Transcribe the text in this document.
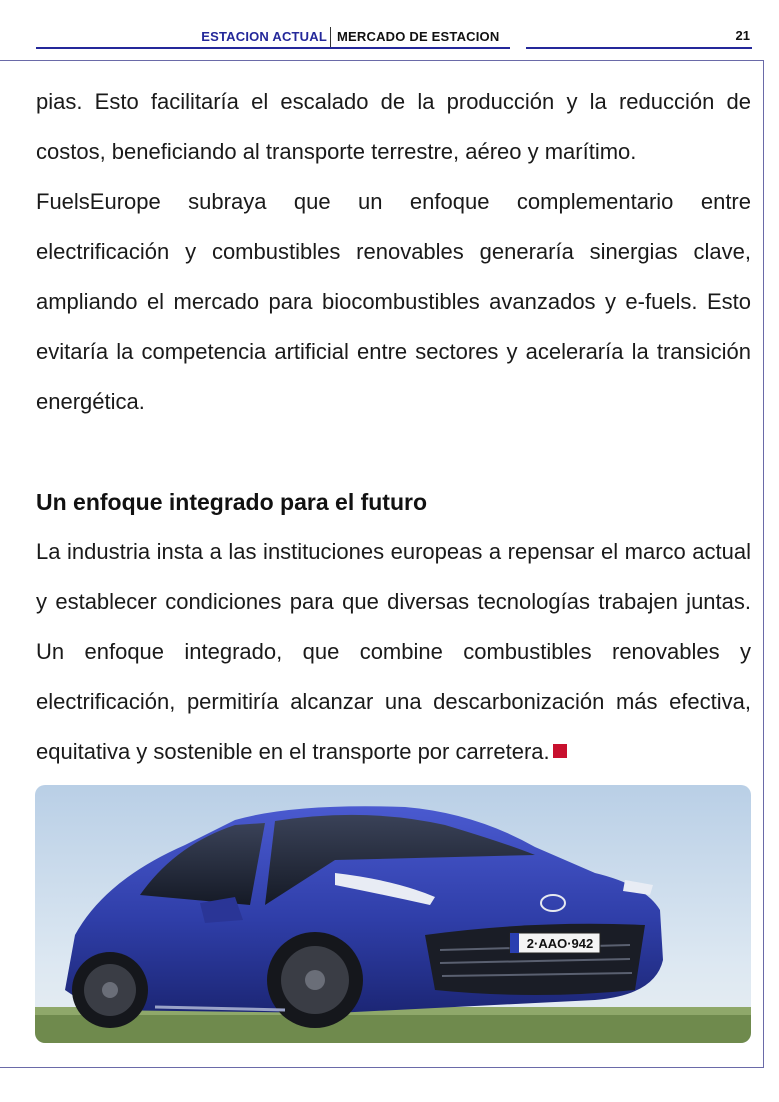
ESTACION ACTUAL MERCADO DE ESTACION	21

pias. Esto facilitaría el escalado de la producción y la reducción de costos, beneficiando al transporte terrestre, aéreo y marítimo.

FuelsEurope subraya que un enfoque complementario entre electrificación y combustibles renovables generaría sinergias clave, ampliando el mercado para biocombustibles avanzados y e-fuels. Esto evitaría la competencia artificial entre sectores y aceleraría la transición energética.

Un enfoque integrado para el futuro

La industria insta a las instituciones europeas a repensar el marco actual y establecer condiciones para que diversas tecnologías trabajen juntas. Un enfoque integrado, que combine combustibles renovables y electrificación, permitiría alcanzar una descarbonización más efectiva, equitativa y sostenible en el transporte por carretera.

2·AAO·942
